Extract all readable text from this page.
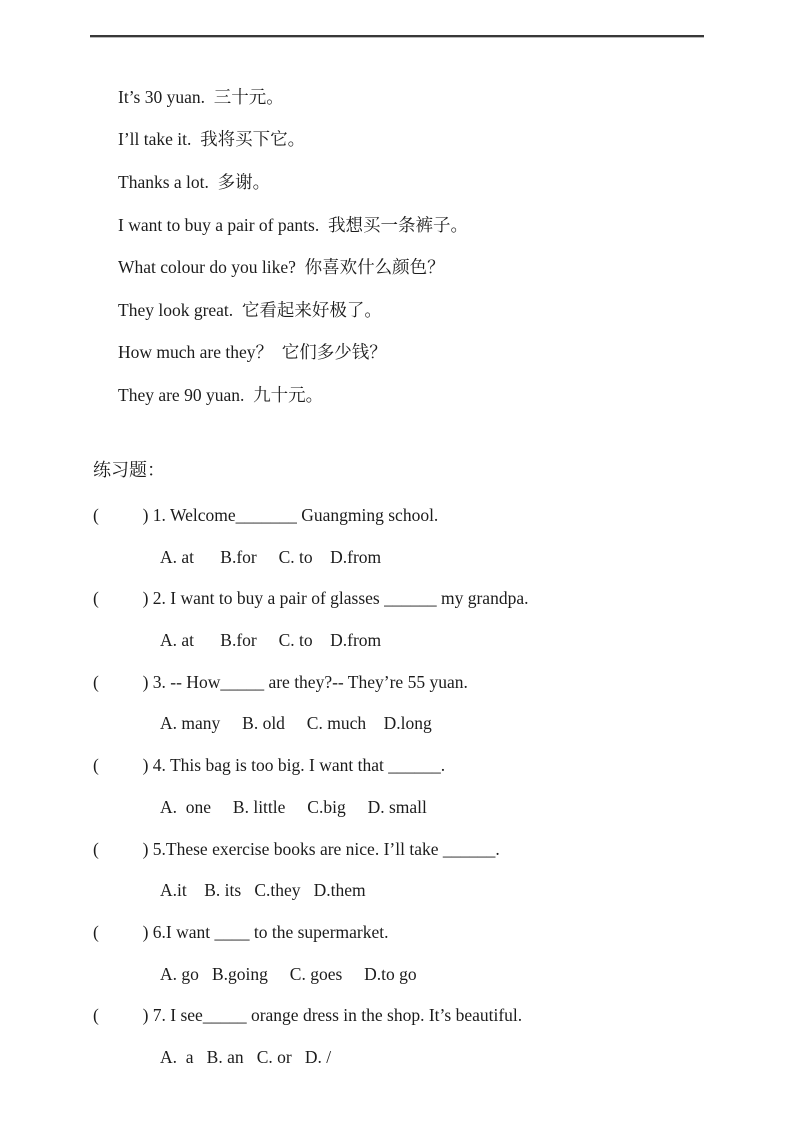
It’s 30 yuan.  三十元。
I’ll take it.  我将买下它。
Thanks a lot.  多谢。
I want to buy a pair of pants.  我想买一条裤子。
What colour do you like?  你喜欢什么颜色？
They look great.  它看起来好极了。
How much are they？  它们多少钱？
They are 90 yuan.  九十元。
练习题：
(          ) 1. Welcome_______ Guangming school.
A. at      B.for     C. to    D.from
(          ) 2. I want to buy a pair of glasses ______ my grandpa.
A. at      B.for     C. to    D.from
(          ) 3. -- How_____ are they?-- They’re 55 yuan.
A. many     B. old     C. much    D.long
(          ) 4. This bag is too big. I want that ______.
A.  one     B. little     C.big     D. small
(          ) 5.These exercise books are nice. I’ll take ______.
A.it    B. its   C.they   D.them
(          ) 6.I want ____ to the supermarket.
A. go   B.going     C. goes     D.to go
(          ) 7. I see_____ orange dress in the shop. It’s beautiful.
A.  a   B. an   C. or   D. /
